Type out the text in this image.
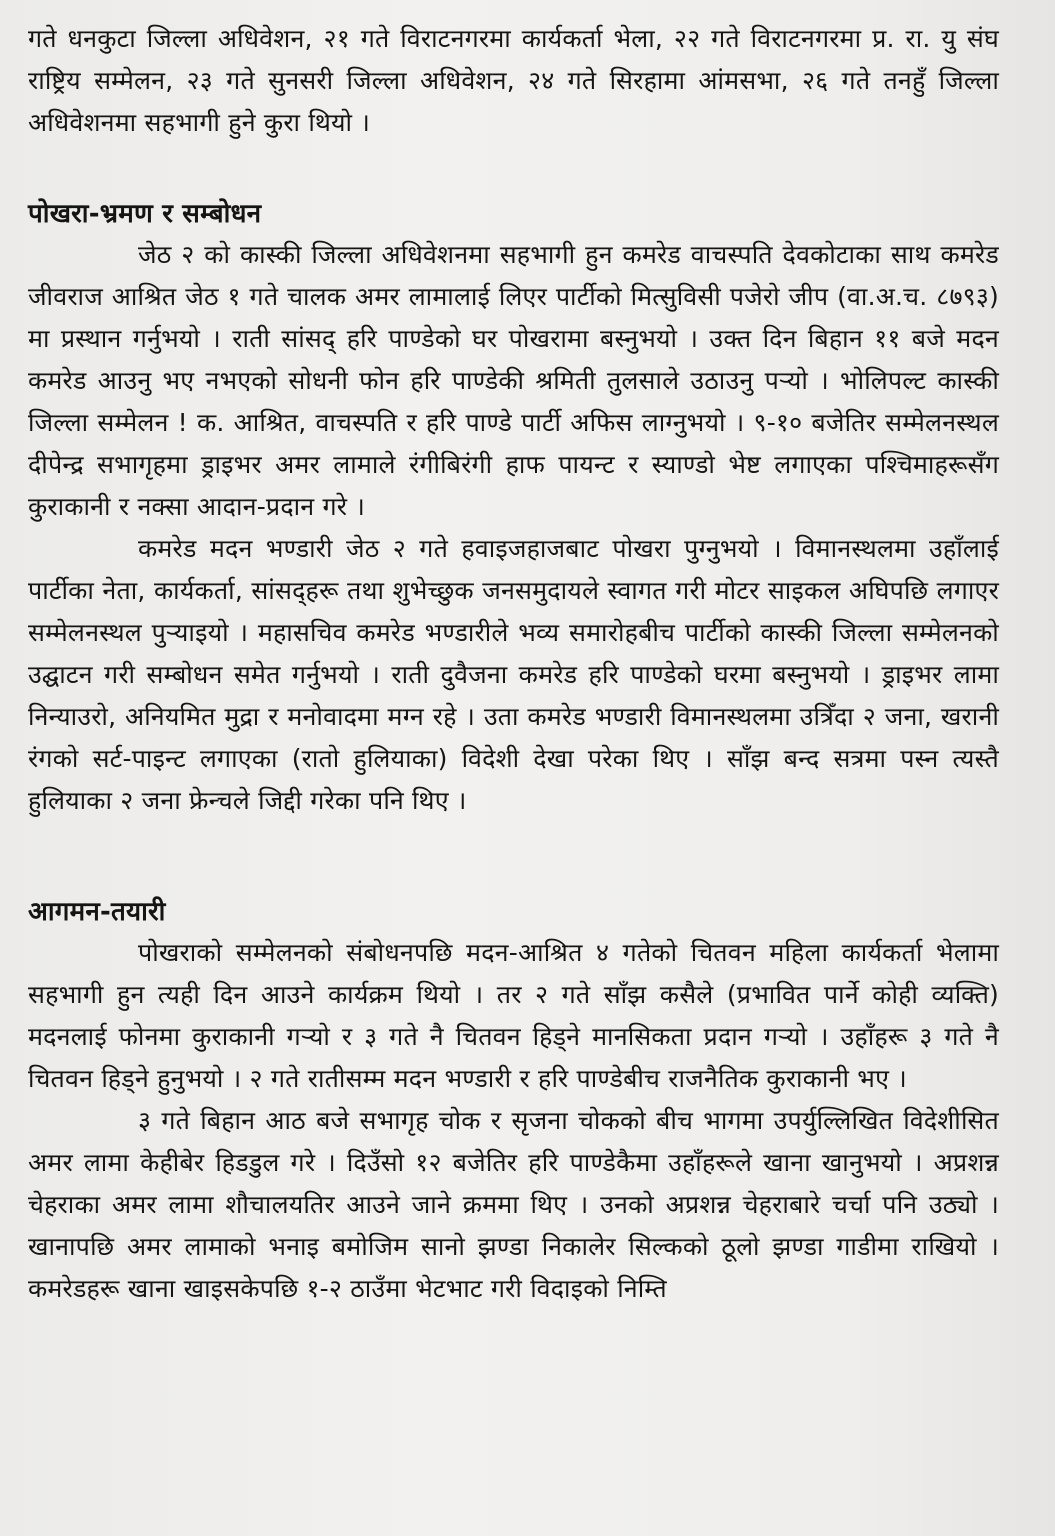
गते धनकुटा जिल्ला अधिवेशन, २१ गते विराटनगरमा कार्यकर्ता भेला, २२ गते विराटनगरमा प्र. रा. यु संघ राष्ट्रिय सम्मेलन, २३ गते सुनसरी जिल्ला अधिवेशन, २४ गते सिरहामा आंमसभा, २६ गते तनहुँ जिल्ला अधिवेशनमा सहभागी हुने कुरा थियो ।

पोखरा-भ्रमण र सम्बोधन

जेठ २ को कास्की जिल्ला अधिवेशनमा सहभागी हुन कमरेड वाचस्पति देवकोटाका साथ कमरेड जीवराज आश्रित जेठ १ गते चालक अमर लामालाई लिएर पार्टीको मित्सुविसी पजेरो जीप (वा.अ.च. ८७९३) मा प्रस्थान गर्नुभयो । राती सांसद् हरि पाण्डेको घर पोखरामा बस्नुभयो । उक्त दिन बिहान ११ बजे मदन कमरेड आउनु भए नभएको सोधनी फोन हरि पाण्डेकी श्रमिती तुलसाले उठाउनु पर्‍यो । भोलिपल्ट कास्की जिल्ला सम्मेलन ! क. आश्रित, वाचस्पति र हरि पाण्डे पार्टी अफिस लाग्नुभयो । ९-१० बजेतिर सम्मेलनस्थल दीपेन्द्र सभागृहमा ड्राइभर अमर लामाले रंगीबिरंगी हाफ पायन्ट र स्याण्डो भेष्ट लगाएका पश्चिमाहरूसँग कुराकानी र नक्सा आदान-प्रदान गरे ।

कमरेड मदन भण्डारी जेठ २ गते हवाइजहाजबाट पोखरा पुग्नुभयो । विमानस्थलमा उहाँलाई पार्टीका नेता, कार्यकर्ता, सांसद्हरू तथा शुभेच्छुक जनसमुदायले स्वागत गरी मोटर साइकल अघिपछि लगाएर सम्मेलनस्थल पुर्‍याइयो । महासचिव कमरेड भण्डारीले भव्य समारोहबीच पार्टीको कास्की जिल्ला सम्मेलनको उद्घाटन गरी सम्बोधन समेत गर्नुभयो । राती दुवैजना कमरेड हरि पाण्डेको घरमा बस्नुभयो । ड्राइभर लामा निन्याउरो, अनियमित मुद्रा र मनोवादमा मग्न रहे । उता कमरेड भण्डारी विमानस्थलमा उत्रिँदा २ जना, खरानी रंगको सर्ट-पाइन्ट लगाएका (रातो हुलियाका) विदेशी देखा परेका थिए । साँझ बन्द सत्रमा पस्न त्यस्तै हुलियाका २ जना फ्रेन्चले जिद्दी गरेका पनि थिए ।

आगमन-तयारी

पोखराको सम्मेलनको संबोधनपछि मदन-आश्रित ४ गतेको चितवन महिला कार्यकर्ता भेलामा सहभागी हुन त्यही दिन आउने कार्यक्रम थियो । तर २ गते साँझ कसैले (प्रभावित पार्ने कोही व्यक्ति) मदनलाई फोनमा कुराकानी गर्‍यो र ३ गते नै चितवन हिड्ने मानसिकता प्रदान गर्‍यो । उहाँहरू ३ गते नै चितवन हिड्ने हुनुभयो । २ गते रातीसम्म मदन भण्डारी र हरि पाण्डेबीच राजनैतिक कुराकानी भए ।

३ गते बिहान आठ बजे सभागृह चोक र सृजना चोकको बीच भागमा उपर्युल्लिखित विदेशीसित अमर लामा केहीबेर हिडडुल गरे । दिउँसो १२ बजेतिर हरि पाण्डेकैमा उहाँहरूले खाना खानुभयो । अप्रशन्न चेहराका अमर लामा शौचालयतिर आउने जाने क्रममा थिए । उनको अप्रशन्न चेहराबारे चर्चा पनि उठ्यो । खानापछि अमर लामाको भनाइ बमोजिम सानो झण्डा निकालेर सिल्कको ठूलो झण्डा गाडीमा राखियो । कमरेडहरू खाना खाइसकेपछि १-२ ठाउँमा भेटभाट गरी विदाइको निम्ति
